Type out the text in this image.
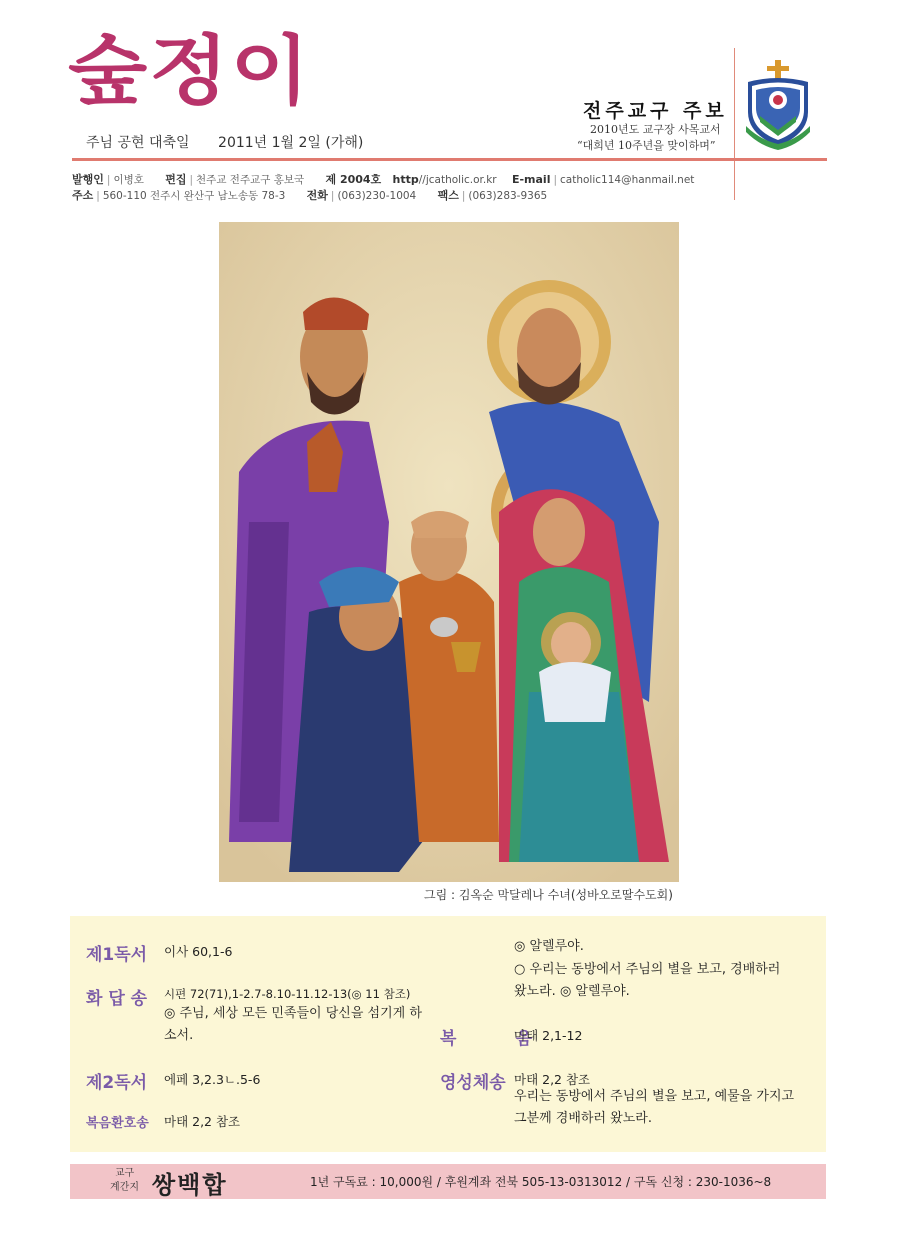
숲정이
주님 공현 대축일 2011년 1월 2일 (가해)
전주교구 주보
2010년도 교구장 사목교서
“대희년 10주년을 맞이하며”
발행인 | 이병호 편집 | 천주교 전주교구 홍보국 제 2004호 http//jcatholic.or.kr E-mail | catholic114@hanmail.net
주소 | 560-110 전주시 완산구 남노송동 78-3 전화 | (063)230-1004 팩스 | (063)283-9365
그림 : 김옥순 막달레나 수녀(성바오로딸수도회)
제1독서 이사 60,1-6
화 답 송 시편 72(71),1-2.7-8.10-11.12-13(◎ 11 참조)
◎ 주님, 세상 모든 민족들이 당신을 섬기게 하
소서.
제2독서 에페 3,2.3ㄴ.5-6
복음환호송 마태 2,2 참조
◎ 알렐루야.
○ 우리는 동방에서 주님의 별을 보고, 경배하러
왔노라. ◎ 알렐루야.
복          음
마태 2,1-12
영성체송 마태 2,2 참조
우리는 동방에서 주님의 별을 보고, 예물을 가지고
그분께 경배하러 왔노라.
교구
계간지 쌍백합	1년 구독료 : 10,000원 / 후원계좌 전북 505-13-0313012 / 구독 신청 : 230-1036~8
